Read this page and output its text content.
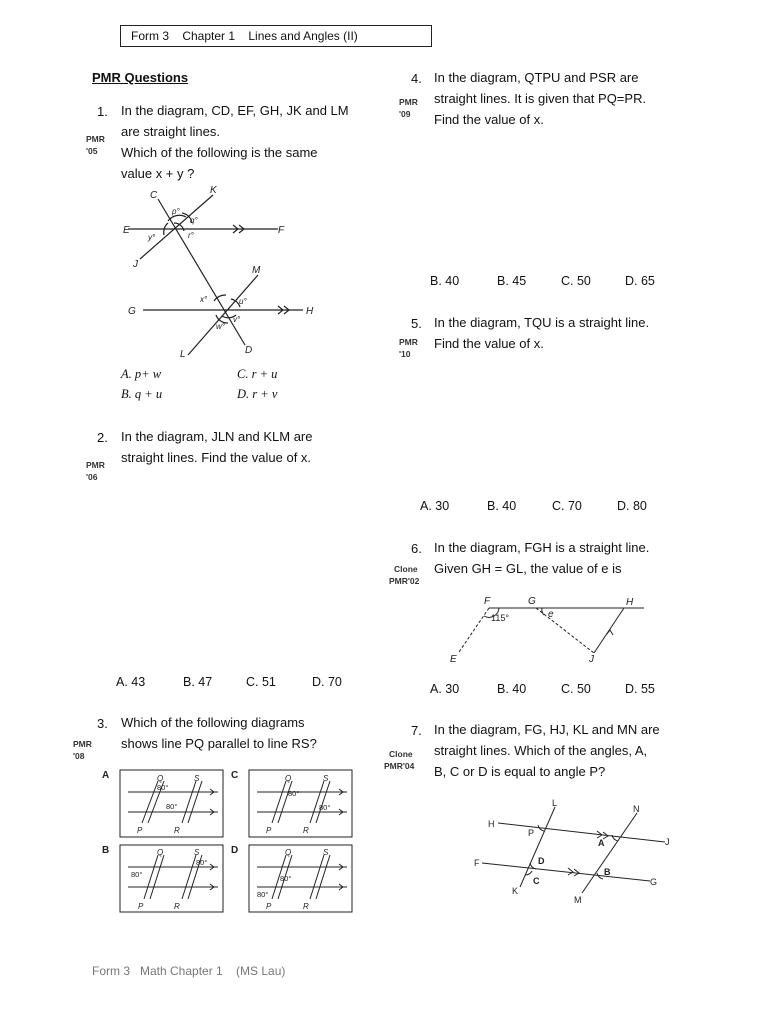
Form 3    Chapter 1    Lines and Angles (II)
PMR Questions
1.
PMR
'05
In the diagram, CD, EF, GH, JK and LM
are straight lines.
Which of the following is the same
value x + y ?
C	K
E	F
J
M
G	H
L	D
p°
q°
y°	r°
x°	u°
v°
w°
A. p+ w	C. r + u
B. q + u	D. r + v
2.
PMR
'06
In the diagram, JLN and KLM are
straight lines. Find the value of x.
A. 43	B. 47	C. 51	D. 70
3.
PMR
'08
Which of the following diagrams
shows line PQ parallel to line RS?
A	C
B	D
80°
80°
80°
80°
80°
80°	80°
80°
Q	S
P	R
Q	S
P	R
Q	S
P	R
Q	S
P	R
4.
PMR
'09
In the diagram, QTPU and PSR are
straight lines. It is given that PQ=PR.
Find the value of x.
B. 40	B. 45	C. 50	D. 65
5.
PMR
'10
In the diagram, TQU is a straight line.
Find the value of x.
A. 30	B. 40	C. 70	D. 80
6.
Clone
PMR'02
In the diagram, FGH is a straight line.
Given GH = GL, the value of e is
F	G	H
E	J
e
115°
A. 30	B. 40	C. 50	D. 55
7.
Clone
PMR'04
In the diagram, FG, HJ, KL and MN are
straight lines. Which of the angles, A,
B, C or D is equal to angle P?
L
N
H
J
P
A
D
F
B
G
C
K
M
Form 3   Math Chapter 1    (MS Lau)
